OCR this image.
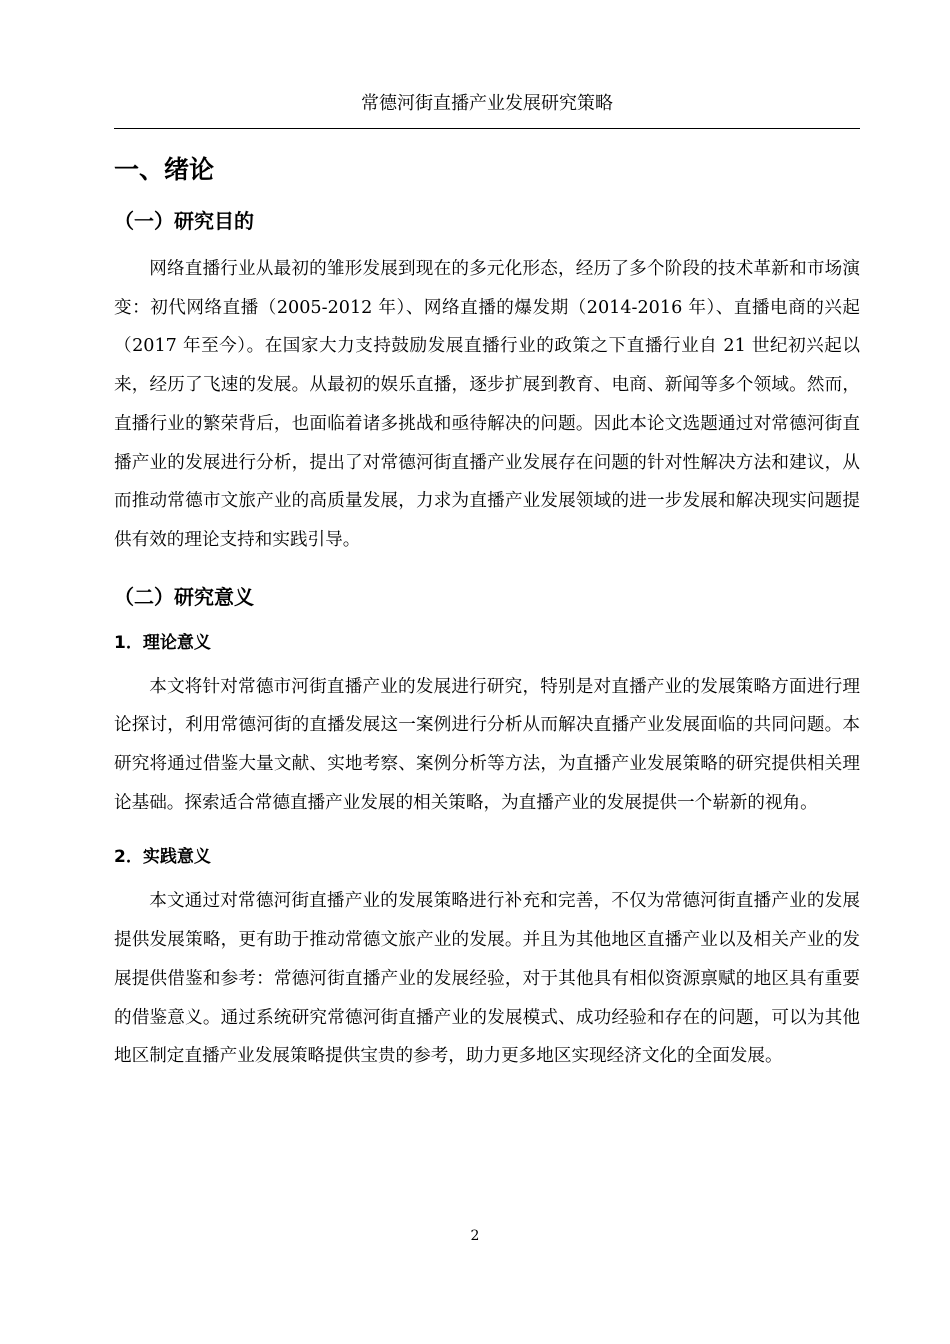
常德河街直播产业发展研究策略
一、绪论
（一）研究目的

网络直播行业从最初的雏形发展到现在的多元化形态，经历了多个阶段的技术革新和市场演变：初代网络直播（2005-2012 年）、网络直播的爆发期（2014-2016 年）、直播电商的兴起（2017 年至今）。在国家大力支持鼓励发展直播行业的政策之下直播行业自 21 世纪初兴起以来，经历了飞速的发展。从最初的娱乐直播，逐步扩展到教育、电商、新闻等多个领域。然而，直播行业的繁荣背后，也面临着诸多挑战和亟待解决的问题。因此本论文选题通过对常德河街直播产业的发展进行分析，提出了对常德河街直播产业发展存在问题的针对性解决方法和建议，从而推动常德市文旅产业的高质量发展，力求为直播产业发展领域的进一步发展和解决现实问题提供有效的理论支持和实践引导。

（二）研究意义
1．理论意义

本文将针对常德市河街直播产业的发展进行研究，特别是对直播产业的发展策略方面进行理论探讨，利用常德河街的直播发展这一案例进行分析从而解决直播产业发展面临的共同问题。本研究将通过借鉴大量文献、实地考察、案例分析等方法，为直播产业发展策略的研究提供相关理论基础。探索适合常德直播产业发展的相关策略，为直播产业的发展提供一个崭新的视角。

2．实践意义

本文通过对常德河街直播产业的发展策略进行补充和完善，不仅为常德河街直播产业的发展提供发展策略，更有助于推动常德文旅产业的发展。并且为其他地区直播产业以及相关产业的发展提供借鉴和参考：常德河街直播产业的发展经验，对于其他具有相似资源禀赋的地区具有重要的借鉴意义。通过系统研究常德河街直播产业的发展模式、成功经验和存在的问题，可以为其他地区制定直播产业发展策略提供宝贵的参考，助力更多地区实现经济文化的全面发展。

2
